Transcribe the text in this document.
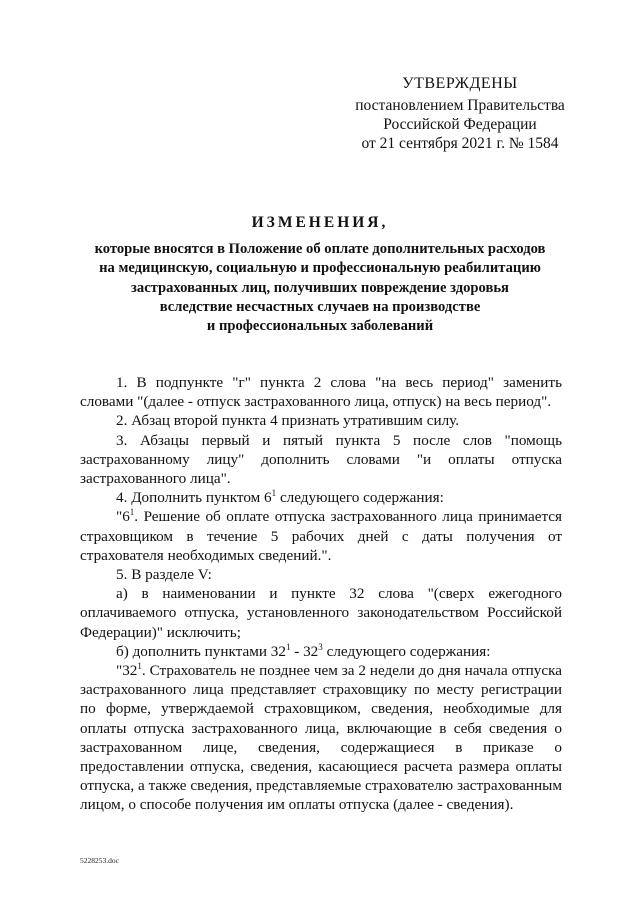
УТВЕРЖДЕНЫ
постановлением Правительства
Российской Федерации
от 21 сентября 2021 г. № 1584
ИЗМЕНЕНИЯ,
которые вносятся в Положение об оплате дополнительных расходов
на медицинскую, социальную и профессиональную реабилитацию
застрахованных лиц, получивших повреждение здоровья
вследствие несчастных случаев на производстве
и профессиональных заболеваний

1. В подпункте "г" пункта 2 слова "на весь период" заменить словами "(далее - отпуск застрахованного лица, отпуск) на весь период".

2. Абзац второй пункта 4 признать утратившим силу.

3. Абзацы первый и пятый пункта 5 после слов "помощь застрахованному лицу" дополнить словами "и оплаты отпуска застрахованного лица".

4. Дополнить пунктом $6^1$ следующего содержания:

"$6^1$. Решение об оплате отпуска застрахованного лица принимается страховщиком в течение 5 рабочих дней с даты получения от страхователя необходимых сведений.".

5. В разделе V:

а) в наименовании и пункте 32 слова "(сверх ежегодного оплачиваемого отпуска, установленного законодательством Российской Федерации)" исключить;

б) дополнить пунктами $32^1 - 32^3$ следующего содержания:

"$32^1$. Страхователь не позднее чем за 2 недели до дня начала отпуска застрахованного лица представляет страховщику по месту регистрации по форме, утверждаемой страховщиком, сведения, необходимые для оплаты отпуска застрахованного лица, включающие в себя сведения о застрахованном лице, сведения, содержащиеся в приказе о предоставлении отпуска, сведения, касающиеся расчета размера оплаты отпуска, а также сведения, представляемые страхователю застрахованным лицом, о способе получения им оплаты отпуска (далее - сведения).

5228253.doc
